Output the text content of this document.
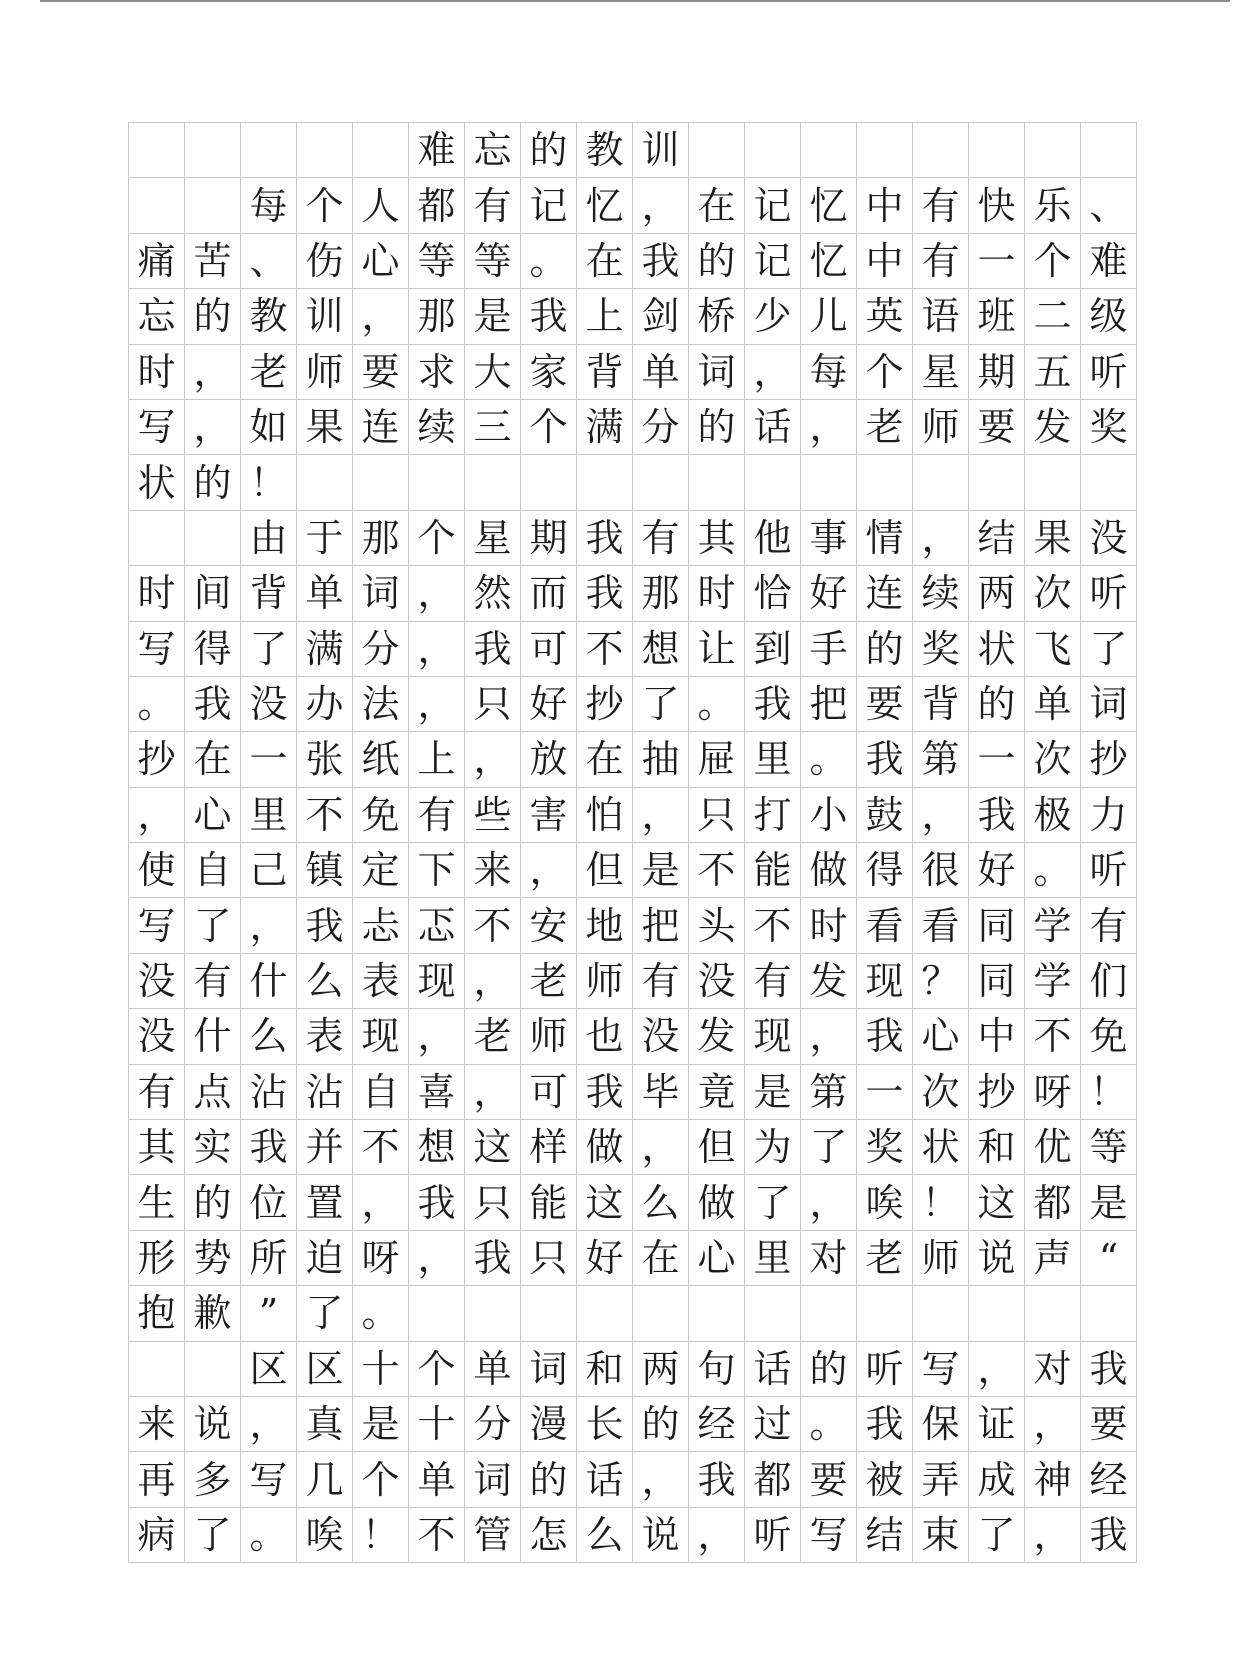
					难	忘	的	教	训								
		每	个	人	都	有	记	忆	，	在	记	忆	中	有	快	乐	、
痛	苦	、	伤	心	等	等	。	在	我	的	记	忆	中	有	一	个	难
忘	的	教	训	，	那	是	我	上	剑	桥	少	儿	英	语	班	二	级
时	，	老	师	要	求	大	家	背	单	词	，	每	个	星	期	五	听
写	，	如	果	连	续	三	个	满	分	的	话	，	老	师	要	发	奖
状	的	！															
		由	于	那	个	星	期	我	有	其	他	事	情	，	结	果	没
时	间	背	单	词	，	然	而	我	那	时	恰	好	连	续	两	次	听
写	得	了	满	分	，	我	可	不	想	让	到	手	的	奖	状	飞	了
。	我	没	办	法	，	只	好	抄	了	。	我	把	要	背	的	单	词
抄	在	一	张	纸	上	，	放	在	抽	屉	里	。	我	第	一	次	抄
，	心	里	不	免	有	些	害	怕	，	只	打	小	鼓	，	我	极	力
使	自	己	镇	定	下	来	，	但	是	不	能	做	得	很	好	。	听
写	了	，	我	忐	忑	不	安	地	把	头	不	时	看	看	同	学	有
没	有	什	么	表	现	，	老	师	有	没	有	发	现	？	同	学	们
没	什	么	表	现	，	老	师	也	没	发	现	，	我	心	中	不	免
有	点	沾	沾	自	喜	，	可	我	毕	竟	是	第	一	次	抄	呀	！
其	实	我	并	不	想	这	样	做	，	但	为	了	奖	状	和	优	等
生	的	位	置	，	我	只	能	这	么	做	了	，	唉	！	这	都	是
形	势	所	迫	呀	，	我	只	好	在	心	里	对	老	师	说	声	“
抱	歉	”	了	。													
		区	区	十	个	单	词	和	两	句	话	的	听	写	，	对	我
来	说	，	真	是	十	分	漫	长	的	经	过	。	我	保	证	，	要
再	多	写	几	个	单	词	的	话	，	我	都	要	被	弄	成	神	经
病	了	。	唉	！	不	管	怎	么	说	，	听	写	结	束	了	，	我
